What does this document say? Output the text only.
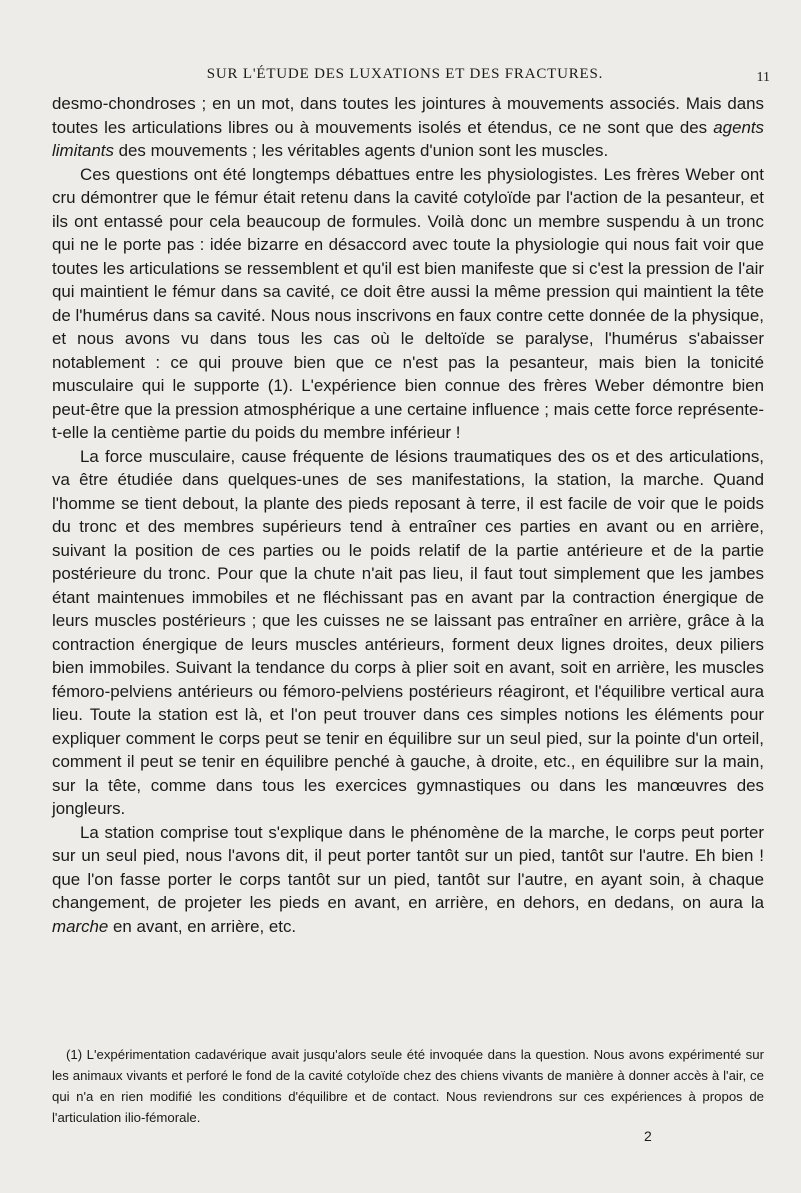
SUR L'ÉTUDE DES LUXATIONS ET DES FRACTURES.	11

desmo-chondroses ; en un mot, dans toutes les jointures à mouvements associés. Mais dans toutes les articulations libres ou à mouvements isolés et étendus, ce ne sont que des agents limitants des mouvements ; les véritables agents d'union sont les muscles.

Ces questions ont été longtemps débattues entre les physiologistes. Les frères Weber ont cru démontrer que le fémur était retenu dans la cavité cotyloïde par l'action de la pesanteur, et ils ont entassé pour cela beaucoup de formules. Voilà donc un membre suspendu à un tronc qui ne le porte pas : idée bizarre en désaccord avec toute la physiologie qui nous fait voir que toutes les articulations se ressemblent et qu'il est bien manifeste que si c'est la pression de l'air qui maintient le fémur dans sa cavité, ce doit être aussi la même pression qui maintient la tête de l'humérus dans sa cavité. Nous nous inscrivons en faux contre cette donnée de la physique, et nous avons vu dans tous les cas où le deltoïde se paralyse, l'humérus s'abaisser notablement : ce qui prouve bien que ce n'est pas la pesanteur, mais bien la tonicité musculaire qui le supporte (1). L'expérience bien connue des frères Weber démontre bien peut-être que la pression atmosphérique a une certaine influence ; mais cette force représente-t-elle la centième partie du poids du membre inférieur !

La force musculaire, cause fréquente de lésions traumatiques des os et des articulations, va être étudiée dans quelques-unes de ses manifestations, la station, la marche. Quand l'homme se tient debout, la plante des pieds reposant à terre, il est facile de voir que le poids du tronc et des membres supérieurs tend à entraîner ces parties en avant ou en arrière, suivant la position de ces parties ou le poids relatif de la partie antérieure et de la partie postérieure du tronc. Pour que la chute n'ait pas lieu, il faut tout simplement que les jambes étant maintenues immobiles et ne fléchissant pas en avant par la contraction énergique de leurs muscles postérieurs ; que les cuisses ne se laissant pas entraîner en arrière, grâce à la contraction énergique de leurs muscles antérieurs, forment deux lignes droites, deux piliers bien immobiles. Suivant la tendance du corps à plier soit en avant, soit en arrière, les muscles fémoro-pelviens antérieurs ou fémoro-pelviens postérieurs réagiront, et l'équilibre vertical aura lieu. Toute la station est là, et l'on peut trouver dans ces simples notions les éléments pour expliquer comment le corps peut se tenir en équilibre sur un seul pied, sur la pointe d'un orteil, comment il peut se tenir en équilibre penché à gauche, à droite, etc., en équilibre sur la main, sur la tête, comme dans tous les exercices gymnastiques ou dans les manœuvres des jongleurs.

La station comprise tout s'explique dans le phénomène de la marche, le corps peut porter sur un seul pied, nous l'avons dit, il peut porter tantôt sur un pied, tantôt sur l'autre. Eh bien ! que l'on fasse porter le corps tantôt sur un pied, tantôt sur l'autre, en ayant soin, à chaque changement, de projeter les pieds en avant, en arrière, en dehors, en dedans, on aura la marche en avant, en arrière, etc.

(1) L'expérimentation cadavérique avait jusqu'alors seule été invoquée dans la question. Nous avons expérimenté sur les animaux vivants et perforé le fond de la cavité cotyloïde chez des chiens vivants de manière à donner accès à l'air, ce qui n'a en rien modifié les conditions d'équilibre et de contact. Nous reviendrons sur ces expériences à propos de l'articulation ilio-fémorale.

2
